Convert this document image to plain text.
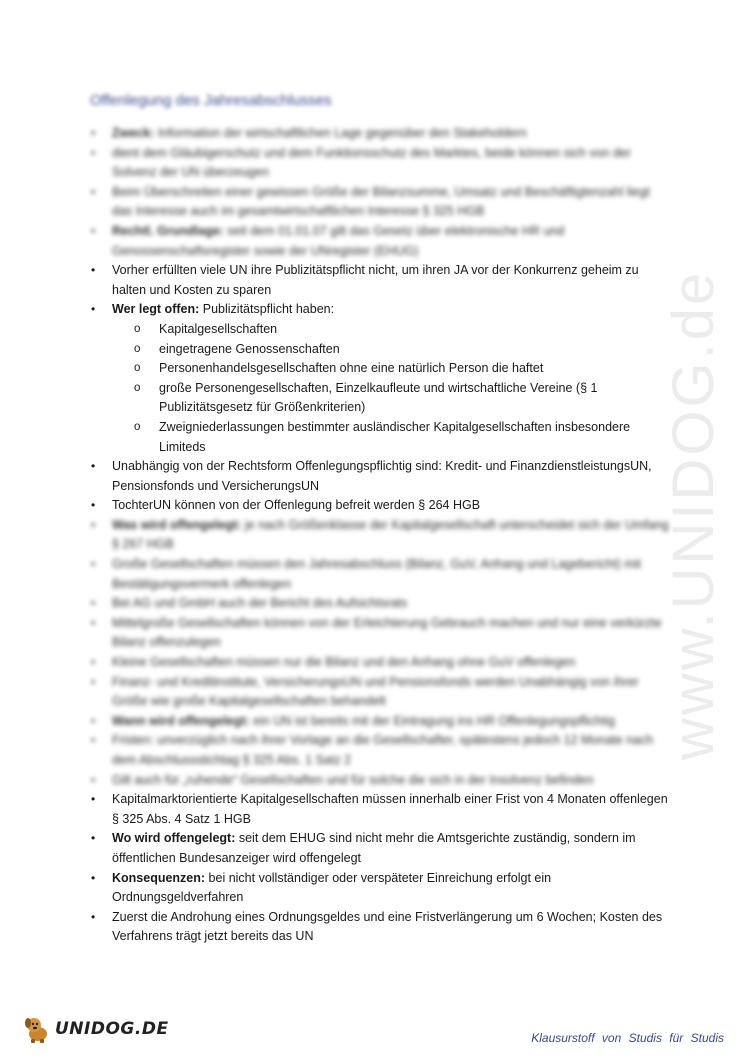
www.UNIDOG.de
Offenlegung des Jahresabschlusses
• Zweck: Information der wirtschaftlichen Lage gegenüber den Stakeholdern
• dient dem Gläubigerschutz und dem Funktionsschutz des Marktes, beide können sich von der Solvenz der UN überzeugen
• Beim Überschreiten einer gewissen Größe der Bilanzsumme, Umsatz und Beschäftigtenzahl liegt das Interesse auch im gesamtwirtschaftlichen Interesse § 325 HGB
• Rechtl. Grundlage: seit dem 01.01.07 gilt das Gesetz über elektronische HR und Genossenschaftsregister sowie der UNregister (EHUG)
• Vorher erfüllten viele UN ihre Publizitätspflicht nicht, um ihren JA vor der Konkurrenz geheim zu halten und Kosten zu sparen
• Wer legt offen: Publizitätspflicht haben:
o Kapitalgesellschaften
o eingetragene Genossenschaften
o Personenhandelsgesellschaften ohne eine natürlich Person die haftet
o große Personengesellschaften, Einzelkaufleute und wirtschaftliche Vereine (§ 1 Publizitätsgesetz für Größenkriterien)
o Zweigniederlassungen bestimmter ausländischer Kapitalgesellschaften insbesondere Limiteds
• Unabhängig von der Rechtsform Offenlegungspflichtig sind: Kredit- und FinanzdienstleistungsUN, Pensionsfonds und VersicherungsUN
• TochterUN können von der Offenlegung befreit werden § 264 HGB
• Was wird offengelegt: je nach Größenklasse der Kapitalgesellschaft unterscheidet sich der Umfang § 267 HGB
• Große Gesellschaften müssen den Jahresabschluss (Bilanz, GuV, Anhang und Lagebericht) mit Bestätigungsvermerk offenlegen
• Bei AG und GmbH auch der Bericht des Aufsichtsrats
• Mittelgroße Gesellschaften können von der Erleichterung Gebrauch machen und nur eine verkürzte Bilanz offenzulegen
• Kleine Gesellschaften müssen nur die Bilanz und den Anhang ohne GuV offenlegen
• Finanz- und Kreditinstitute, VersicherungsUN und Pensionsfonds werden Unabhängig von ihrer Größe wie große Kapitalgesellschaften behandelt
• Wann wird offengelegt: ein UN ist bereits mit der Eintragung ins HR Offenlegungspflichtig
• Fristen: unverzüglich nach ihrer Vorlage an die Gesellschafter, spätestens jedoch 12 Monate nach dem Abschlussstichtag § 325 Abs. 1 Satz 2
• Gilt auch für „ruhende“ Gesellschaften und für solche die sich in der Insolvenz befinden
• Kapitalmarktorientierte Kapitalgesellschaften müssen innerhalb einer Frist von 4 Monaten offenlegen § 325 Abs. 4 Satz 1 HGB
• Wo wird offengelegt: seit dem EHUG sind nicht mehr die Amtsgerichte zuständig, sondern im öffentlichen Bundesanzeiger wird offengelegt
• Konsequenzen: bei nicht vollständiger oder verspäteter Einreichung erfolgt ein Ordnungsgeldverfahren
• Zuerst die Androhung eines Ordnungsgeldes und eine Fristverlängerung um 6 Wochen; Kosten des Verfahrens trägt jetzt bereits das UN
UNIDOG.DE	Klausurstoff von Studis für Studis
